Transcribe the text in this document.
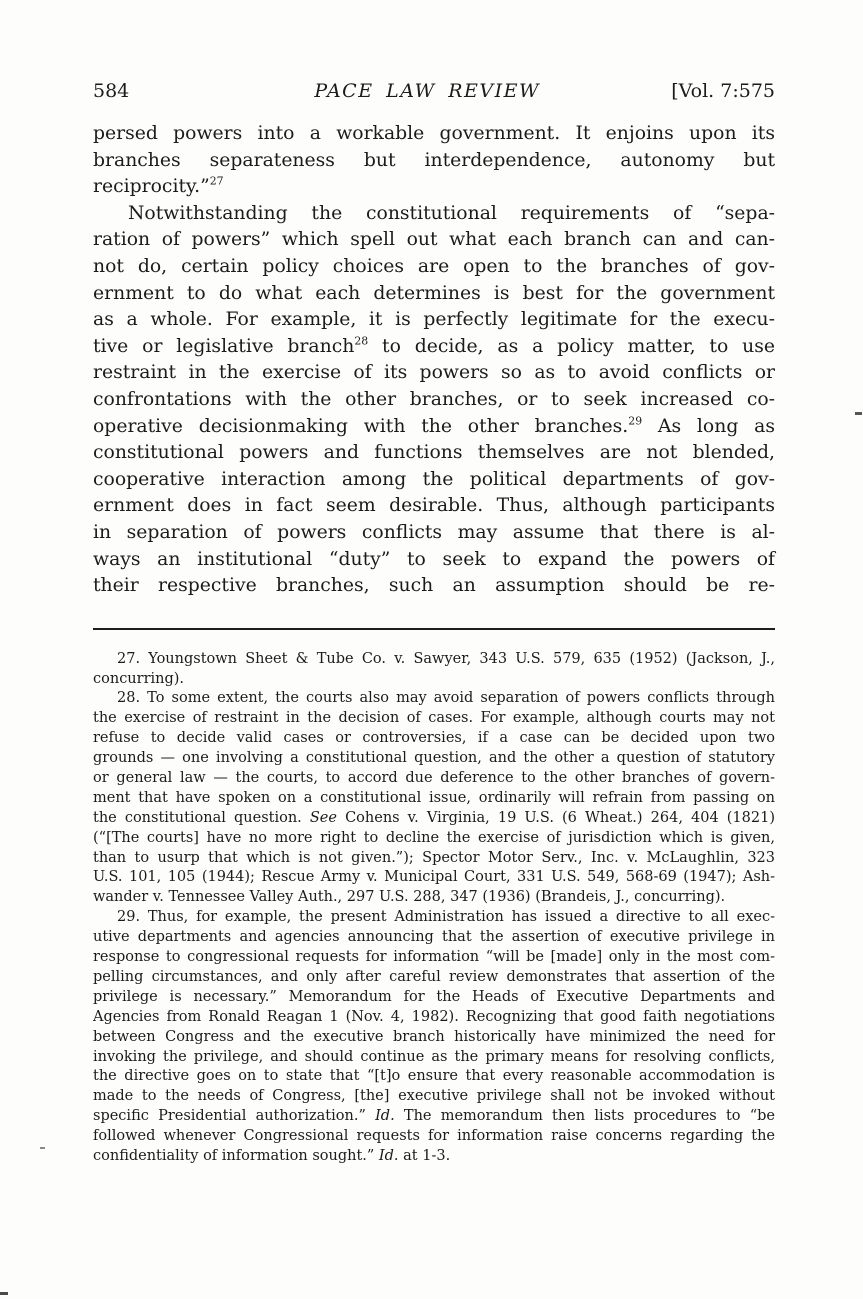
584	PACE LAW REVIEW	[Vol. 7:575
persed powers into a workable government. It enjoins upon its
branches separateness but interdependence, autonomy but
reciprocity.”$^{27}$
Notwithstanding the constitutional requirements of “sepa-
ration of powers” which spell out what each branch can and can-
not do, certain policy choices are open to the branches of gov-
ernment to do what each determines is best for the government
as a whole. For example, it is perfectly legitimate for the execu-
tive or legislative branch$^{28}$ to decide, as a policy matter, to use
restraint in the exercise of its powers so as to avoid conflicts or
confrontations with the other branches, or to seek increased co-
operative decisionmaking with the other branches.$^{29}$ As long as
constitutional powers and functions themselves are not blended,
cooperative interaction among the political departments of gov-
ernment does in fact seem desirable. Thus, although participants
in separation of powers conflicts may assume that there is al-
ways an institutional “duty” to seek to expand the powers of
their respective branches, such an assumption should be re-
27. Youngstown Sheet & Tube Co. v. Sawyer, 343 U.S. 579, 635 (1952) (Jackson, J.,
concurring).
28. To some extent, the courts also may avoid separation of powers conflicts through
the exercise of restraint in the decision of cases. For example, although courts may not
refuse to decide valid cases or controversies, if a case can be decided upon two
grounds — one involving a constitutional question, and the other a question of statutory
or general law — the courts, to accord due deference to the other branches of govern-
ment that have spoken on a constitutional issue, ordinarily will refrain from passing on
the constitutional question. See Cohens v. Virginia, 19 U.S. (6 Wheat.) 264, 404 (1821)
(“[The courts] have no more right to decline the exercise of jurisdiction which is given,
than to usurp that which is not given.”); Spector Motor Serv., Inc. v. McLaughlin, 323
U.S. 101, 105 (1944); Rescue Army v. Municipal Court, 331 U.S. 549, 568-69 (1947); Ash-
wander v. Tennessee Valley Auth., 297 U.S. 288, 347 (1936) (Brandeis, J., concurring).
29. Thus, for example, the present Administration has issued a directive to all exec-
utive departments and agencies announcing that the assertion of executive privilege in
response to congressional requests for information “will be [made] only in the most com-
pelling circumstances, and only after careful review demonstrates that assertion of the
privilege is necessary.” Memorandum for the Heads of Executive Departments and
Agencies from Ronald Reagan 1 (Nov. 4, 1982). Recognizing that good faith negotiations
between Congress and the executive branch historically have minimized the need for
invoking the privilege, and should continue as the primary means for resolving conflicts,
the directive goes on to state that “[t]o ensure that every reasonable accommodation is
made to the needs of Congress, [the] executive privilege shall not be invoked without
specific Presidential authorization.” Id. The memorandum then lists procedures to “be
followed whenever Congressional requests for information raise concerns regarding the
confidentiality of information sought.” Id. at 1-3.
